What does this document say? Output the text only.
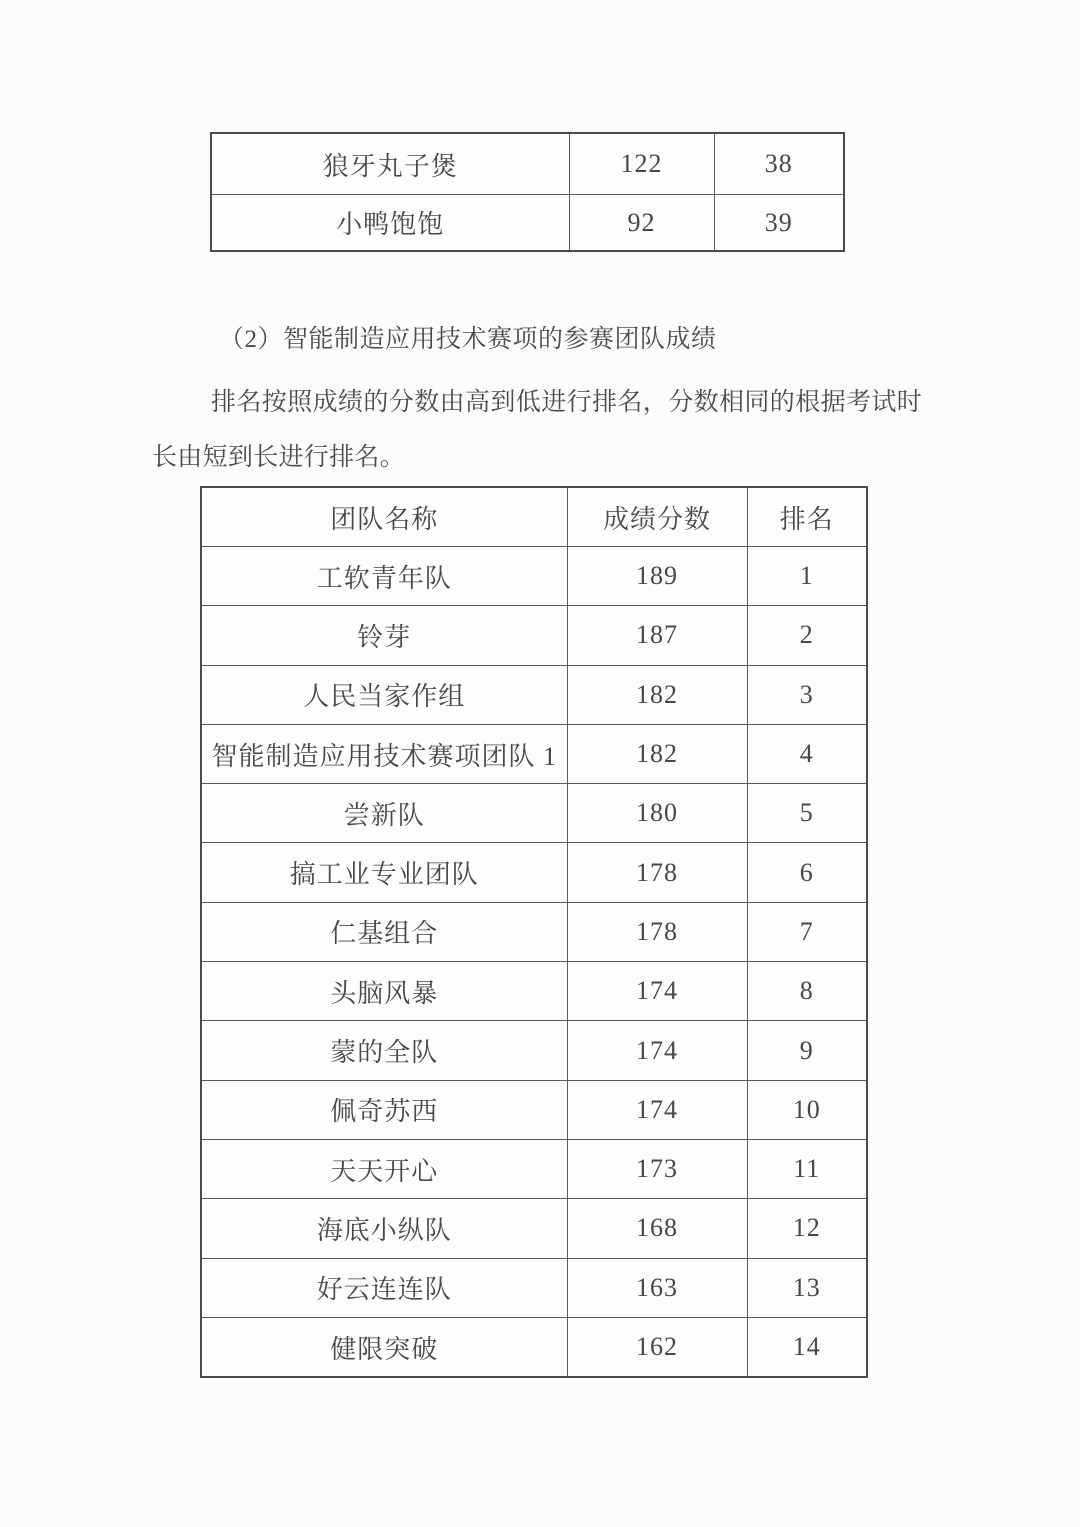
狼牙丸子煲	122	38
小鸭饱饱	92	39
（2）智能制造应用技术赛项的参赛团队成绩
排名按照成绩的分数由高到低进行排名，分数相同的根据考试时
长由短到长进行排名。
团队名称	成绩分数	排名
工软青年队	189	1
铃芽	187	2
人民当家作组	182	3
智能制造应用技术赛项团队 1	182	4
尝新队	180	5
搞工业专业团队	178	6
仁基组合	178	7
头脑风暴	174	8
蒙的全队	174	9
佩奇苏西	174	10
天天开心	173	11
海底小纵队	168	12
好云连连队	163	13
健限突破	162	14
